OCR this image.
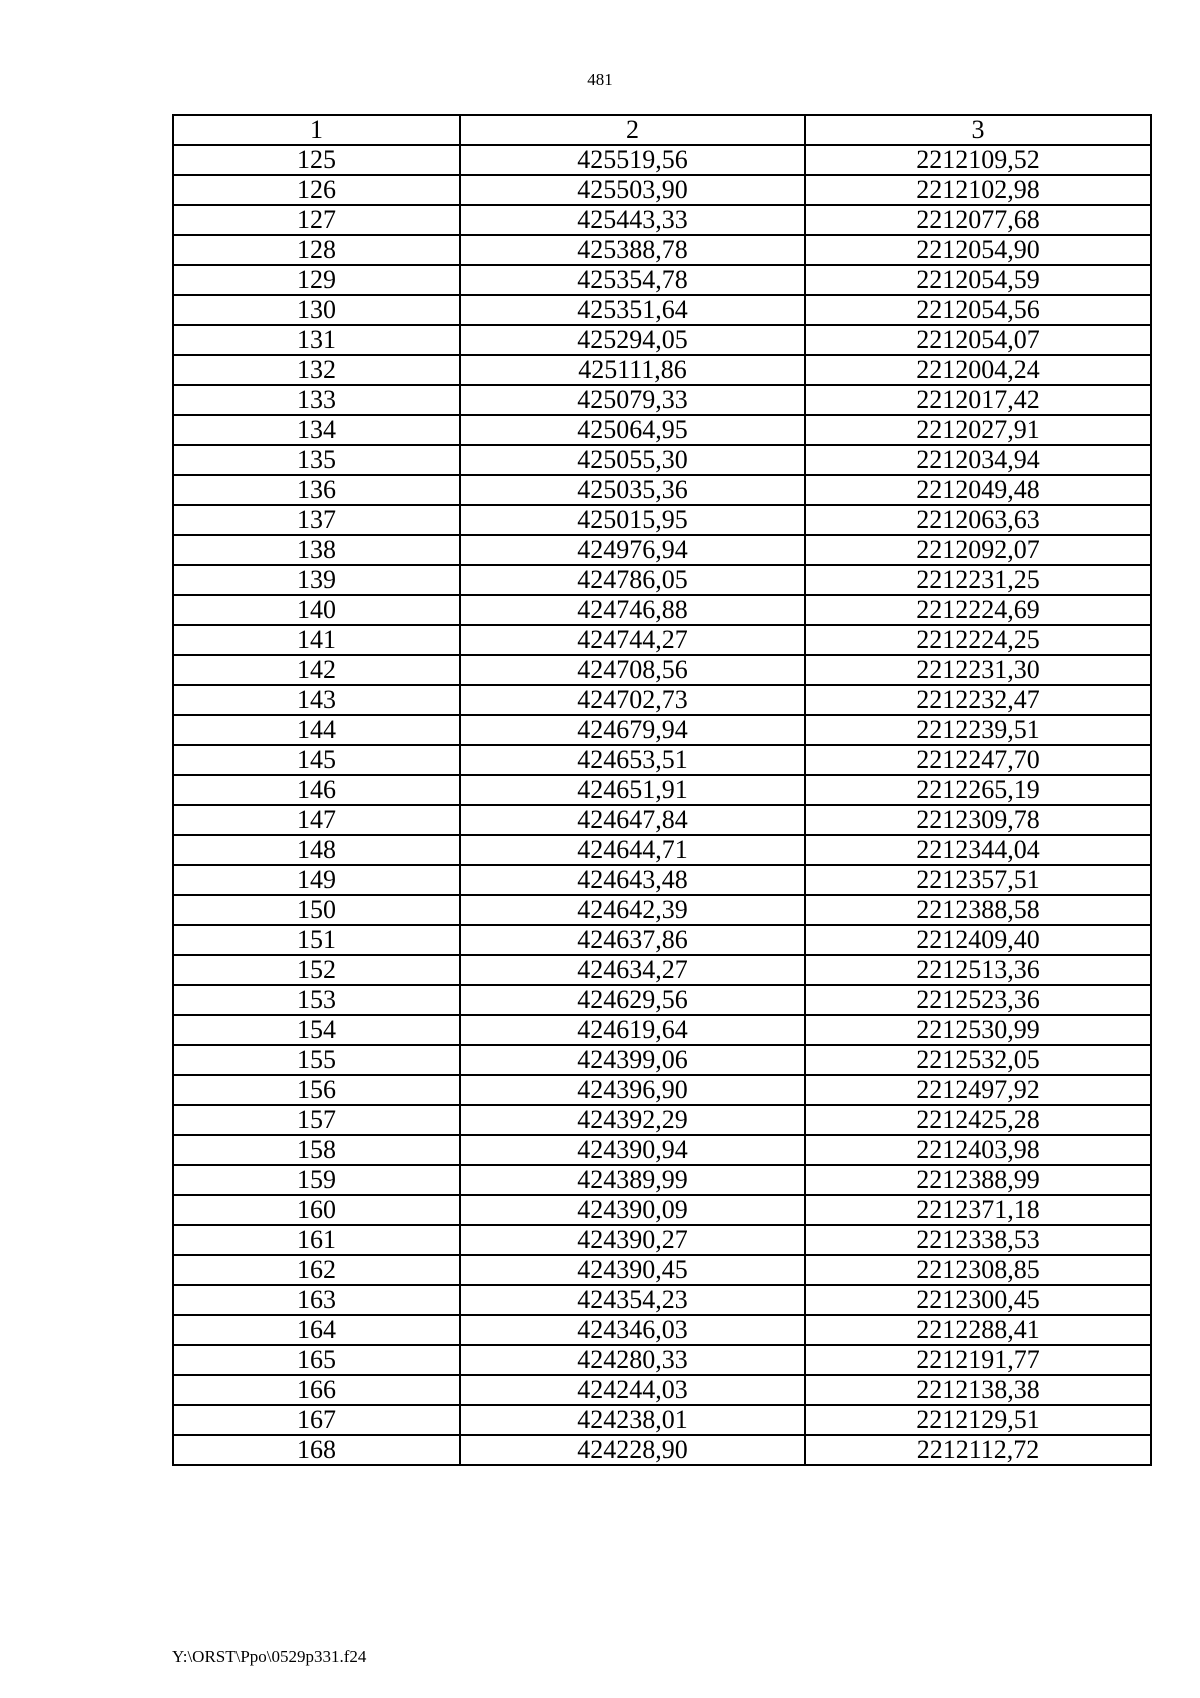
481
1	2	3
125	425519,56	2212109,52
126	425503,90	2212102,98
127	425443,33	2212077,68
128	425388,78	2212054,90
129	425354,78	2212054,59
130	425351,64	2212054,56
131	425294,05	2212054,07
132	425111,86	2212004,24
133	425079,33	2212017,42
134	425064,95	2212027,91
135	425055,30	2212034,94
136	425035,36	2212049,48
137	425015,95	2212063,63
138	424976,94	2212092,07
139	424786,05	2212231,25
140	424746,88	2212224,69
141	424744,27	2212224,25
142	424708,56	2212231,30
143	424702,73	2212232,47
144	424679,94	2212239,51
145	424653,51	2212247,70
146	424651,91	2212265,19
147	424647,84	2212309,78
148	424644,71	2212344,04
149	424643,48	2212357,51
150	424642,39	2212388,58
151	424637,86	2212409,40
152	424634,27	2212513,36
153	424629,56	2212523,36
154	424619,64	2212530,99
155	424399,06	2212532,05
156	424396,90	2212497,92
157	424392,29	2212425,28
158	424390,94	2212403,98
159	424389,99	2212388,99
160	424390,09	2212371,18
161	424390,27	2212338,53
162	424390,45	2212308,85
163	424354,23	2212300,45
164	424346,03	2212288,41
165	424280,33	2212191,77
166	424244,03	2212138,38
167	424238,01	2212129,51
168	424228,90	2212112,72
Y:\ORST\Ppo\0529p331.f24
